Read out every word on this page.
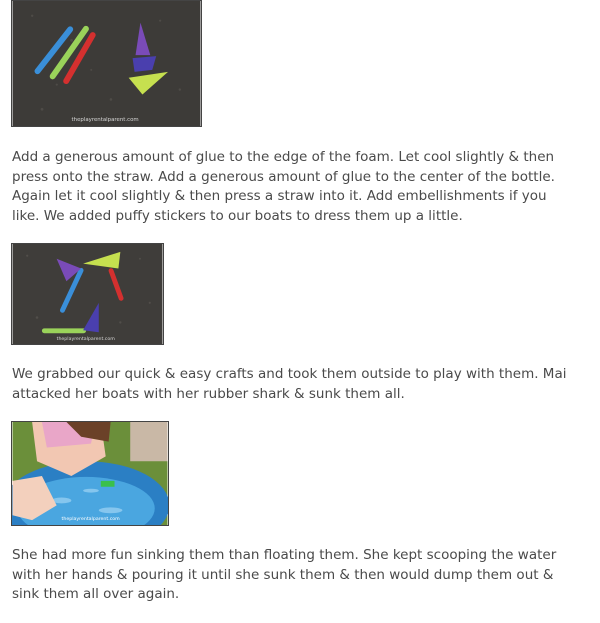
theplayrentalparent.com

Add a generous amount of glue to the edge of the foam. Let cool slightly & then press onto the straw. Add a generous amount of glue to the center of the bottle. Again let it cool slightly & then press a straw into it. Add embellishments if you like. We added puffy stickers to our boats to dress them up a little.

theplayrentalparent.com

We grabbed our quick & easy crafts and took them outside to play with them. Mai attacked her boats with her rubber shark & sunk them all.

theplayrentalparent.com

She had more fun sinking them than floating them. She kept scooping the water with her hands & pouring it until she sunk them & then would dump them out & sink them all over again.
